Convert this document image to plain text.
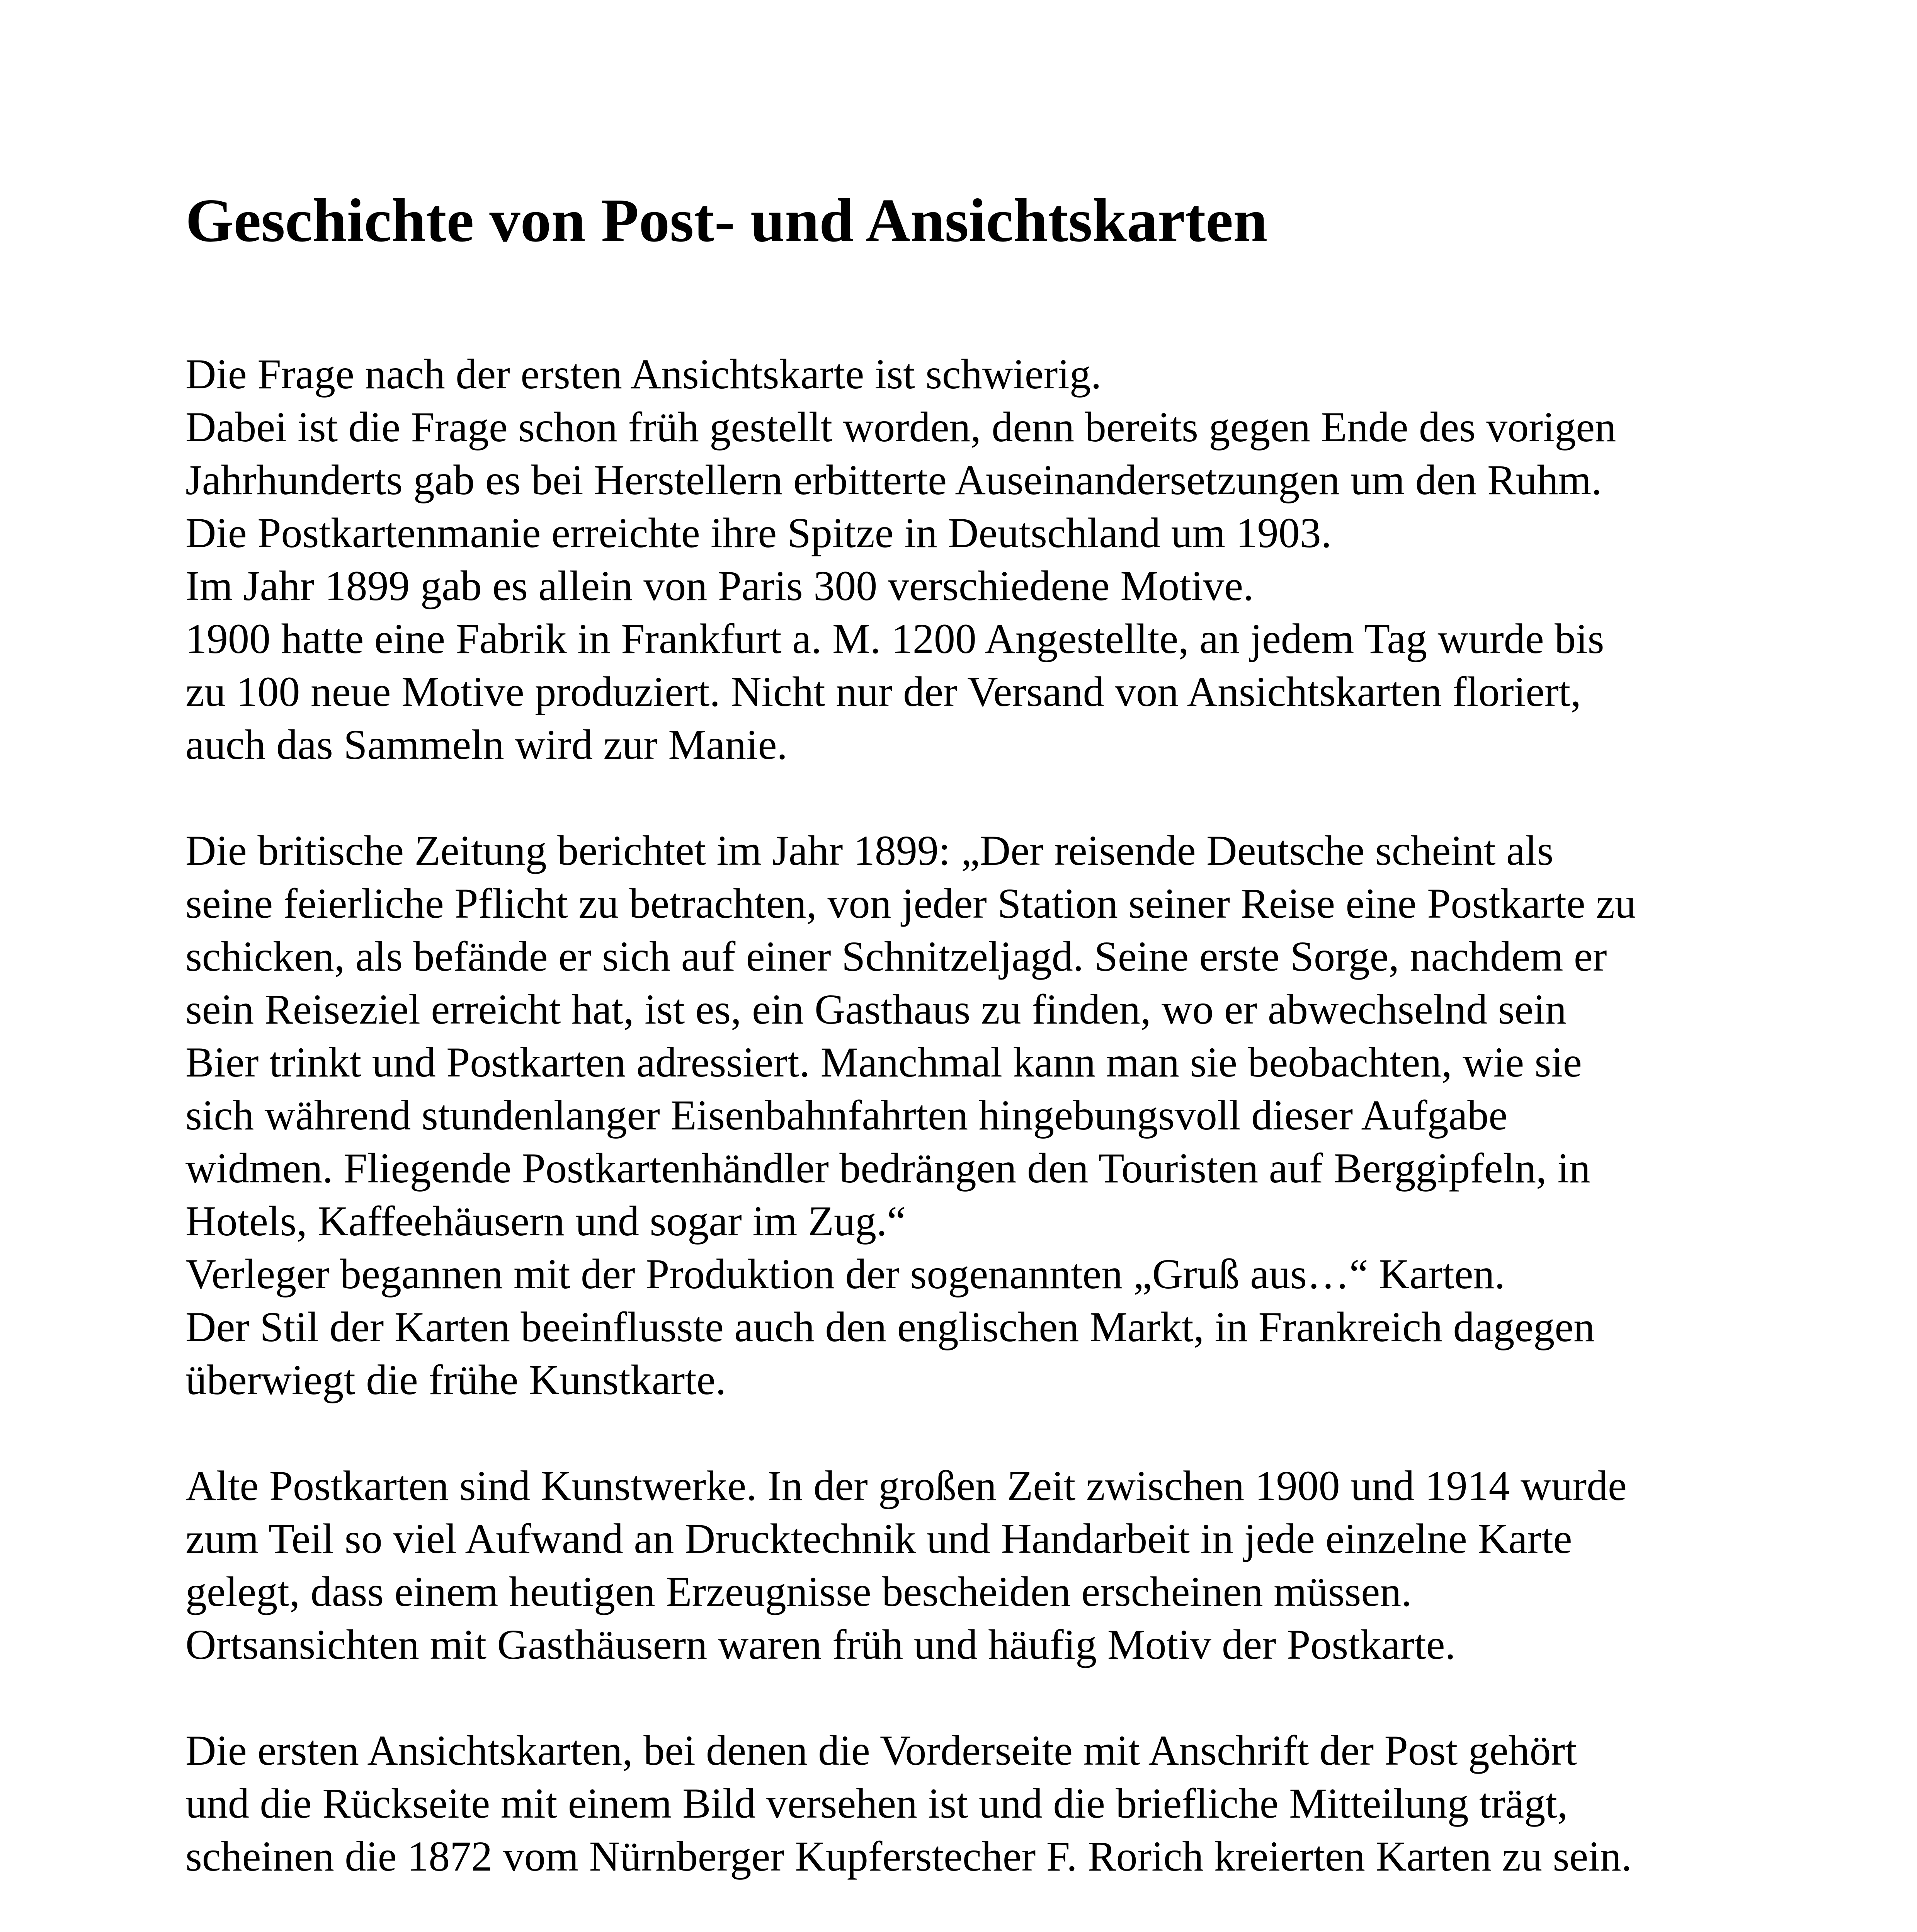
Geschichte von Post- und Ansichtskarten

Die Frage nach der ersten Ansichtskarte ist schwierig.
Dabei ist die Frage schon früh gestellt worden, denn bereits gegen Ende des vorigen
Jahrhunderts gab es bei Herstellern erbitterte Auseinandersetzungen um den Ruhm.
Die Postkartenmanie erreichte ihre Spitze in Deutschland um 1903.
Im Jahr 1899 gab es allein von Paris 300 verschiedene Motive.
1900 hatte eine Fabrik in Frankfurt a. M. 1200 Angestellte, an jedem Tag wurde bis
zu 100 neue Motive produziert. Nicht nur der Versand von Ansichtskarten floriert,
auch das Sammeln wird zur Manie.

Die britische Zeitung berichtet im Jahr 1899: „Der reisende Deutsche scheint als
seine feierliche Pflicht zu betrachten, von jeder Station seiner Reise eine Postkarte zu
schicken, als befände er sich auf einer Schnitzeljagd. Seine erste Sorge, nachdem er
sein Reiseziel erreicht hat, ist es, ein Gasthaus zu finden, wo er abwechselnd sein
Bier trinkt und Postkarten adressiert. Manchmal kann man sie beobachten, wie sie
sich während stundenlanger Eisenbahnfahrten hingebungsvoll dieser Aufgabe
widmen. Fliegende Postkartenhändler bedrängen den Touristen auf Berggipfeln, in
Hotels, Kaffeehäusern und sogar im Zug.“
Verleger begannen mit der Produktion der sogenannten „Gruß aus…“ Karten.
Der Stil der Karten beeinflusste auch den englischen Markt, in Frankreich dagegen
überwiegt die frühe Kunstkarte.

Alte Postkarten sind Kunstwerke. In der großen Zeit zwischen 1900 und 1914 wurde
zum Teil so viel Aufwand an Drucktechnik und Handarbeit in jede einzelne Karte
gelegt, dass einem heutigen Erzeugnisse bescheiden erscheinen müssen.
Ortsansichten mit Gasthäusern waren früh und häufig Motiv der Postkarte.

Die ersten Ansichtskarten, bei denen die Vorderseite mit Anschrift der Post gehört
und die Rückseite mit einem Bild versehen ist und die briefliche Mitteilung trägt,
scheinen die 1872 vom Nürnberger Kupferstecher F. Rorich kreierten Karten zu sein.
